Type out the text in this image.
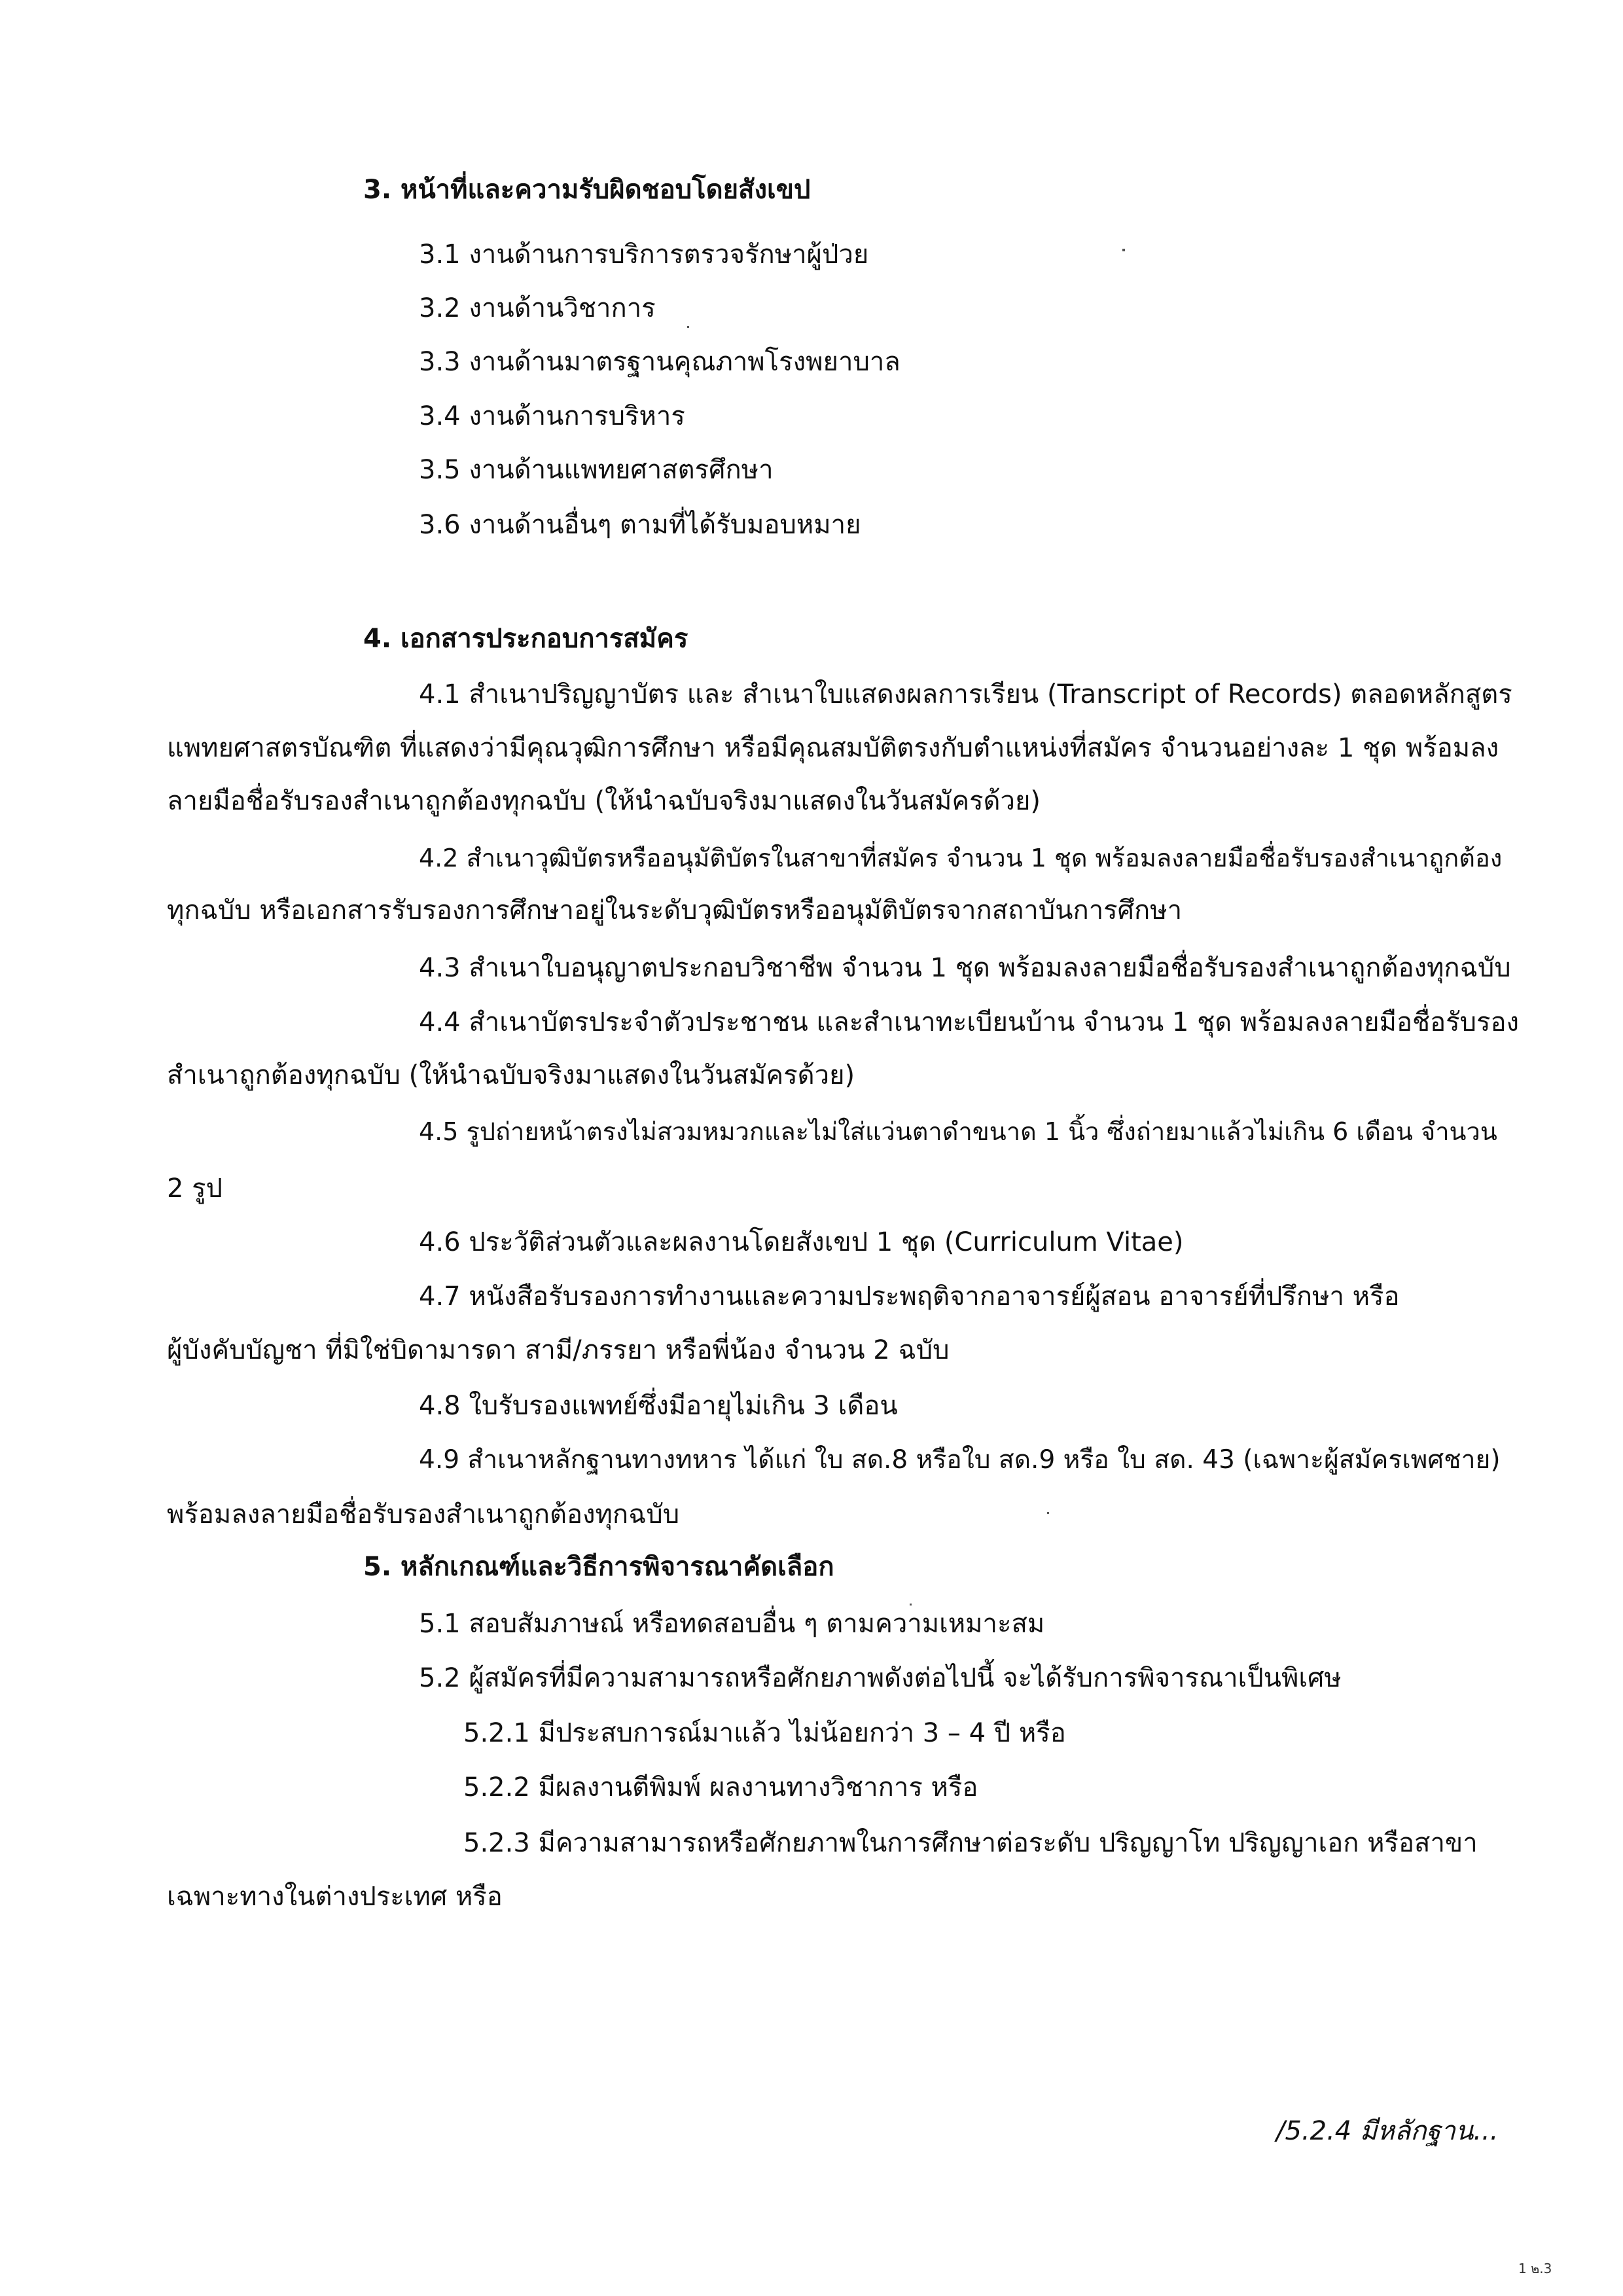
3. หน้าที่และความรับผิดชอบโดยสังเขป
3.1 งานด้านการบริการตรวจรักษาผู้ป่วย
3.2 งานด้านวิชาการ
3.3 งานด้านมาตรฐานคุณภาพโรงพยาบาล
3.4 งานด้านการบริหาร
3.5 งานด้านแพทยศาสตรศึกษา
3.6 งานด้านอื่นๆ ตามที่ได้รับมอบหมาย
4. เอกสารประกอบการสมัคร
4.1 สำเนาปริญญาบัตร และ สำเนาใบแสดงผลการเรียน (Transcript of Records) ตลอดหลักสูตร
แพทยศาสตรบัณฑิต ที่แสดงว่ามีคุณวุฒิการศึกษา หรือมีคุณสมบัติตรงกับตำแหน่งที่สมัคร จำนวนอย่างละ 1 ชุด พร้อมลง
ลายมือชื่อรับรองสำเนาถูกต้องทุกฉบับ (ให้นำฉบับจริงมาแสดงในวันสมัครด้วย)
4.2 สำเนาวุฒิบัตรหรืออนุมัติบัตรในสาขาที่สมัคร จำนวน 1 ชุด พร้อมลงลายมือชื่อรับรองสำเนาถูกต้อง
ทุกฉบับ หรือเอกสารรับรองการศึกษาอยู่ในระดับวุฒิบัตรหรืออนุมัติบัตรจากสถาบันการศึกษา
4.3 สำเนาใบอนุญาตประกอบวิชาชีพ จำนวน 1 ชุด พร้อมลงลายมือชื่อรับรองสำเนาถูกต้องทุกฉบับ
4.4 สำเนาบัตรประจำตัวประชาชน และสำเนาทะเบียนบ้าน จำนวน 1 ชุด พร้อมลงลายมือชื่อรับรอง
สำเนาถูกต้องทุกฉบับ (ให้นำฉบับจริงมาแสดงในวันสมัครด้วย)
4.5 รูปถ่ายหน้าตรงไม่สวมหมวกและไม่ใส่แว่นตาดำขนาด 1 นิ้ว ซึ่งถ่ายมาแล้วไม่เกิน 6 เดือน จำนวน
2 รูป
4.6 ประวัติส่วนตัวและผลงานโดยสังเขป 1 ชุด (Curriculum Vitae)
4.7 หนังสือรับรองการทำงานและความประพฤติจากอาจารย์ผู้สอน อาจารย์ที่ปรึกษา หรือ
ผู้บังคับบัญชา ที่มิใช่บิดามารดา สามี/ภรรยา หรือพี่น้อง จำนวน 2 ฉบับ
4.8 ใบรับรองแพทย์ซึ่งมีอายุไม่เกิน 3 เดือน
4.9 สำเนาหลักฐานทางทหาร ได้แก่ ใบ สด.8 หรือใบ สด.9 หรือ ใบ สด. 43 (เฉพาะผู้สมัครเพศชาย)
พร้อมลงลายมือชื่อรับรองสำเนาถูกต้องทุกฉบับ
5. หลักเกณฑ์และวิธีการพิจารณาคัดเลือก
5.1 สอบสัมภาษณ์ หรือทดสอบอื่น ๆ ตามความเหมาะสม
5.2 ผู้สมัครที่มีความสามารถหรือศักยภาพดังต่อไปนี้ จะได้รับการพิจารณาเป็นพิเศษ
5.2.1 มีประสบการณ์มาแล้ว ไม่น้อยกว่า 3 – 4 ปี หรือ
5.2.2 มีผลงานตีพิมพ์ ผลงานทางวิชาการ หรือ
5.2.3 มีความสามารถหรือศักยภาพในการศึกษาต่อระดับ ปริญญาโท ปริญญาเอก หรือสาขา
เฉพาะทางในต่างประเทศ หรือ
/5.2.4 มีหลักฐาน...
1 ๒.3
